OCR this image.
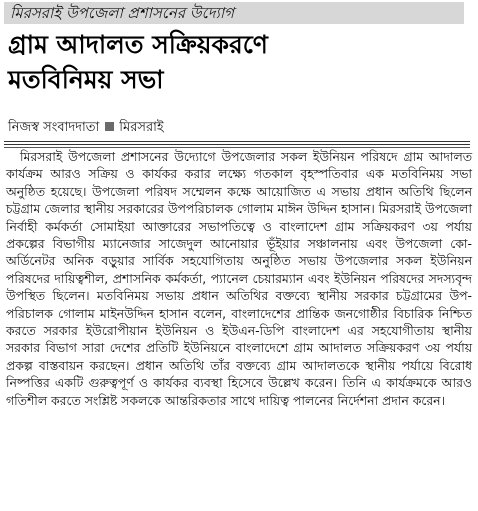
মিরসরাই উপজেলা প্রশাসনের উদ্যোগ
গ্রাম আদালত সক্রিয়করণে
মতবিনিময় সভা
নিজস্ব সংবাদদাতা মিরসরাই

মিরসরাই উপজেলা প্রশাসনের উদ্যোগে উপজেলার সকল ইউনিয়ন পরিষদে গ্রাম আদালত কার্যক্রম আরও সক্রিয় ও কার্যকর করার লক্ষ্যে গতকাল বৃহস্পতিবার এক মতবিনিময় সভা অনুষ্ঠিত হয়েছে। উপজেলা পরিষদ সম্মেলন কক্ষে আয়োজিত এ সভায় প্রধান অতিথি ছিলেন চট্টগ্রাম জেলার স্থানীয় সরকারের উপপরিচালক গোলাম মাঈন উদ্দিন হাসান। মিরসরাই উপজেলা নির্বাহী কর্মকর্তা সোমাইয়া আক্তারের সভাপতিত্বে ও বাংলাদেশ গ্রাম সক্রিয়করণ ৩য় পর্যায় প্রকল্পের বিভাগীয় ম্যানেজার সাজেদুল আনোয়ার ভূঁইয়ার সঞ্চালনায় এবং উপজেলা কো-অর্ডিনেটর অনিক বড়ুয়ার সার্বিক সহযোগিতায় অনুষ্ঠিত সভায় উপজেলার সকল ইউনিয়ন পরিষদের দায়িত্বশীল, প্রশাসনিক কর্মকর্তা, প্যানেল চেয়ারম্যান এবং ইউনিয়ন পরিষদের সদস্যবৃন্দ উপস্থিত ছিলেন। মতবিনিময় সভায় প্রধান অতিথির বক্তব্যে স্থানীয় সরকার চট্টগ্রামের উপ-পরিচালক গোলাম মাইনউদ্দিন হাসান বলেন, বাংলাদেশের প্রান্তিক জনগোষ্ঠীর বিচারিক নিশ্চিত করতে সরকার ইউরোপীয়ান ইউনিয়ন ও ইউএন-ডিপি বাংলাদেশ এর সহযোগীতায় স্থানীয় সরকার বিভাগ সারা দেশের প্রতিটি ইউনিয়নে বাংলাদেশে গ্রাম আদালত সক্রিয়করণ ৩য় পর্যায় প্রকল্প বাস্তবায়ন করছেন। প্রধান অতিথি তাঁর বক্তব্যে গ্রাম আদালতকে স্থানীয় পর্যায়ে বিরোধ নিষ্পত্তির একটি গুরুত্বপূর্ণ ও কার্যকর ব্যবস্থা হিসেবে উল্লেখ করেন। তিনি এ কার্যক্রমকে আরও গতিশীল করতে সংশ্লিষ্ট সকলকে আন্তরিকতার সাথে দায়িত্ব পালনের নির্দেশনা প্রদান করেন।
